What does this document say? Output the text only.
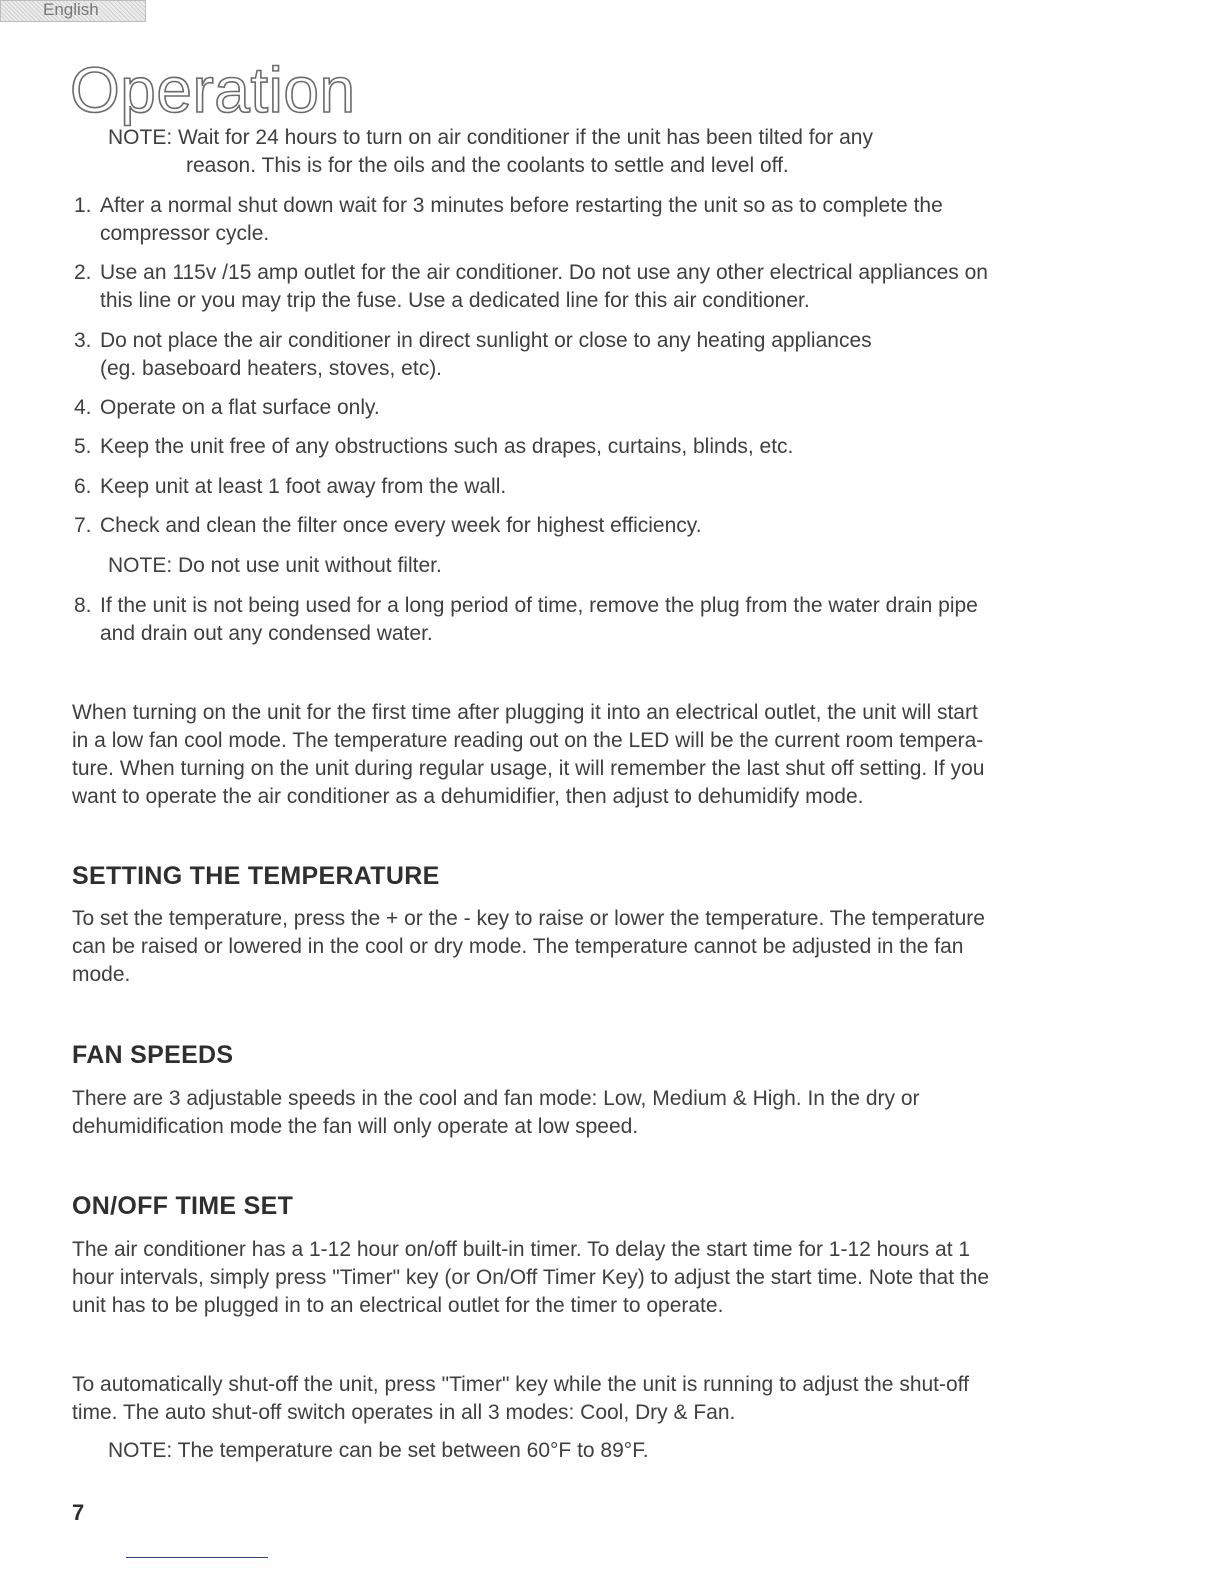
English
Operation
NOTE: Wait for 24 hours to turn on air conditioner if the unit has been tilted for any
reason. This is for the oils and the coolants to settle and level off.
1. After a normal shut down wait for 3 minutes before restarting the unit so as to complete the
compressor cycle.
2. Use an 115v /15 amp outlet for the air conditioner. Do not use any other electrical appliances on
this line or you may trip the fuse. Use a dedicated line for this air conditioner.
3. Do not place the air conditioner in direct sunlight or close to any heating appliances
(eg. baseboard heaters, stoves, etc).
4. Operate on a flat surface only.
5. Keep the unit free of any obstructions such as drapes, curtains, blinds, etc.
6. Keep unit at least 1 foot away from the wall.
7. Check and clean the filter once every week for highest efficiency.
NOTE: Do not use unit without filter.
8. If the unit is not being used for a long period of time, remove the plug from the water drain pipe
and drain out any condensed water.
When turning on the unit for the first time after plugging it into an electrical outlet, the unit will start
in a low fan cool mode. The temperature reading out on the LED will be the current room tempera-
ture. When turning on the unit during regular usage, it will remember the last shut off setting. If you
want to operate the air conditioner as a dehumidifier, then adjust to dehumidify mode.
SETTING THE TEMPERATURE
To set the temperature, press the + or the - key to raise or lower the temperature. The temperature
can be raised or lowered in the cool or dry mode. The temperature cannot be adjusted in the fan
mode.
FAN SPEEDS
There are 3 adjustable speeds in the cool and fan mode: Low, Medium & High. In the dry or
dehumidification mode the fan will only operate at low speed.
ON/OFF TIME SET
The air conditioner has a 1-12 hour on/off built-in timer. To delay the start time for 1-12 hours at 1
hour intervals, simply press "Timer" key (or On/Off Timer Key) to adjust the start time. Note that the
unit has to be plugged in to an electrical outlet for the timer to operate.
To automatically shut-off the unit, press "Timer" key while the unit is running to adjust the shut-off
time. The auto shut-off switch operates in all 3 modes: Cool, Dry & Fan.
NOTE: The temperature can be set between 60°F to 89°F.
7
